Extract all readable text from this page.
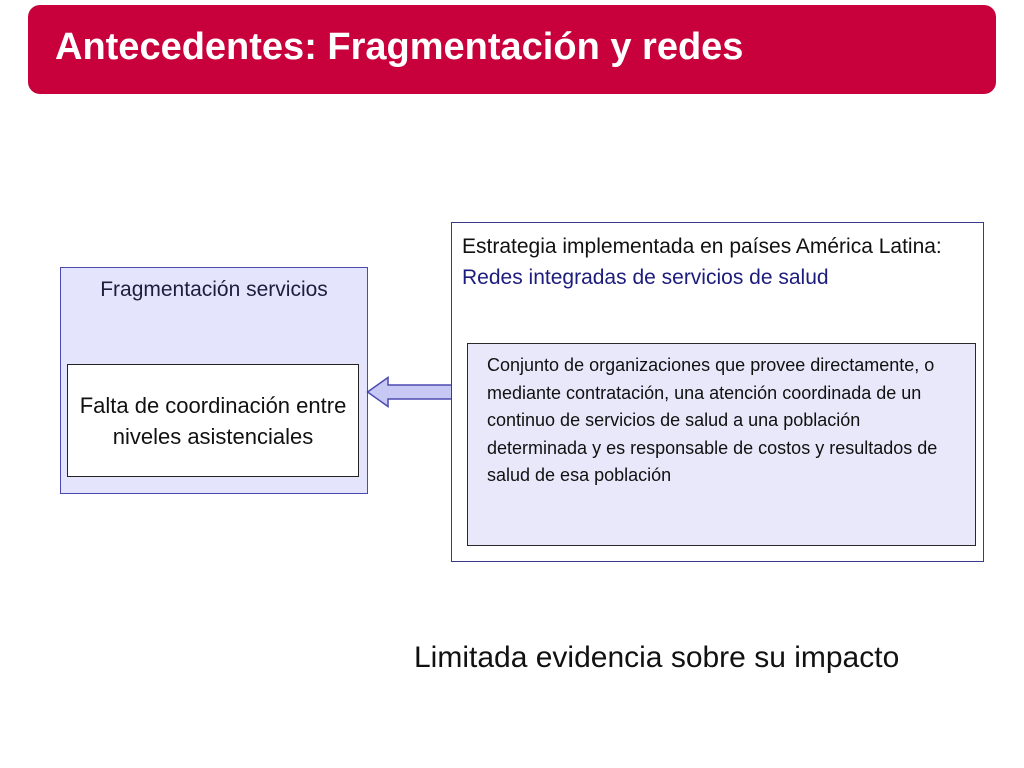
Antecedentes: Fragmentación y redes
Fragmentación servicios
Falta de coordinación entre niveles asistenciales
Estrategia implementada en países América Latina: Redes integradas de servicios de salud
Conjunto de organizaciones que provee directamente, o mediante contratación, una atención coordinada de un continuo de servicios de salud a una población determinada y es responsable de costos y resultados de salud de esa población
Limitada evidencia sobre su impacto
